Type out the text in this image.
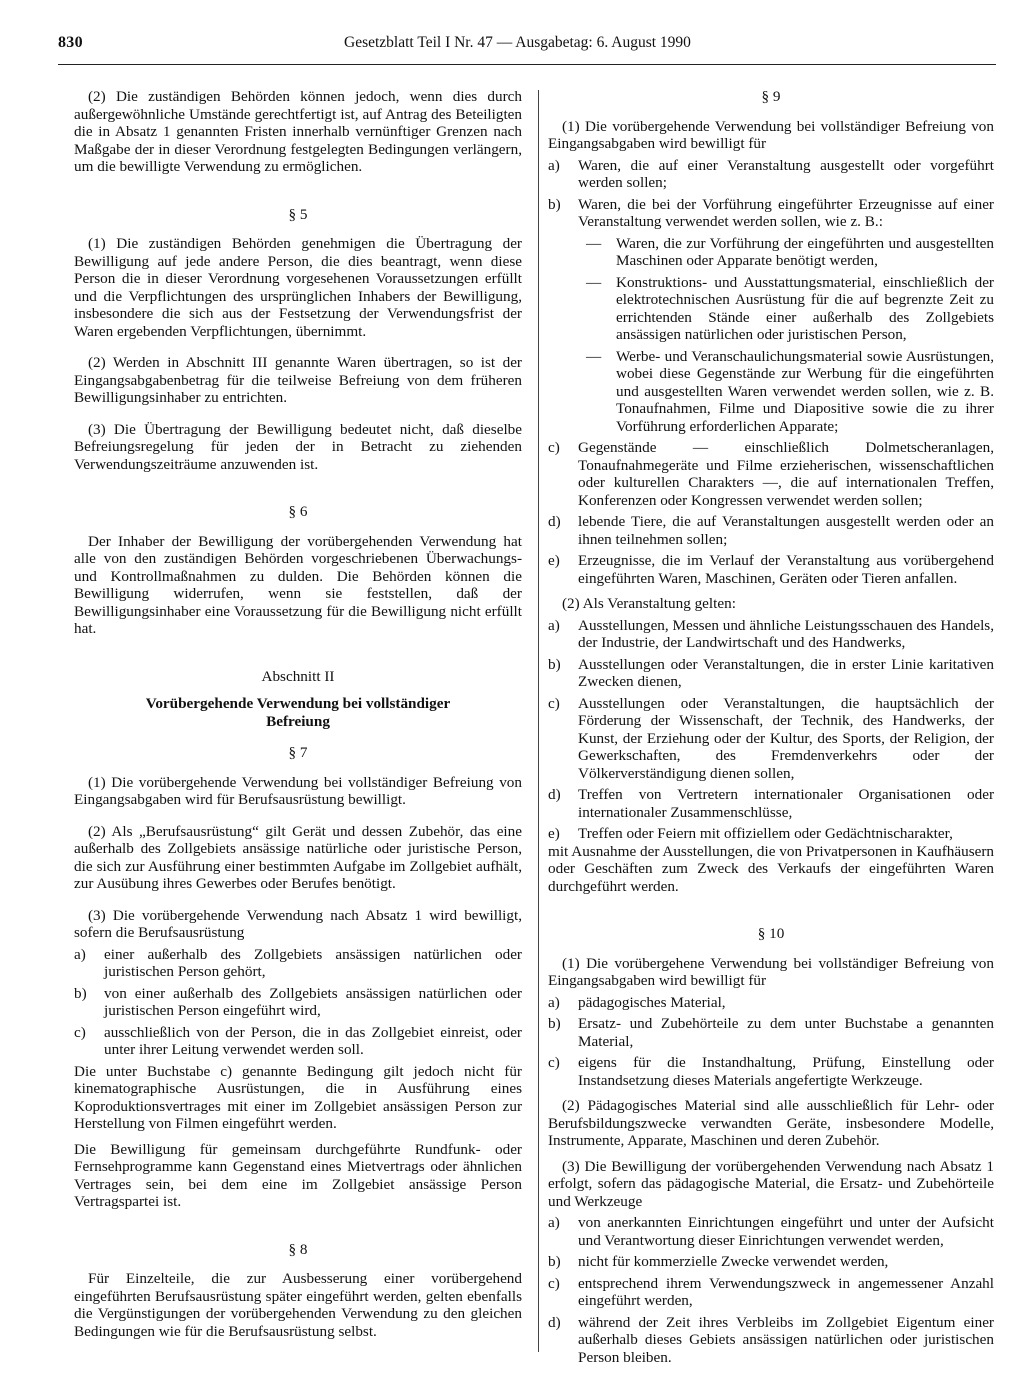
830	Gesetzblatt Teil I Nr. 47 — Ausgabetag: 6. August 1990

(2) Die zuständigen Behörden können jedoch, wenn dies durch außergewöhnliche Umstände gerechtfertigt ist, auf Antrag des Beteiligten die in Absatz 1 genannten Fristen innerhalb vernünftiger Grenzen nach Maßgabe der in dieser Verordnung festgelegten Bedingungen verlängern, um die bewilligte Verwendung zu ermöglichen.

§ 5

(1) Die zuständigen Behörden genehmigen die Übertragung der Bewilligung auf jede andere Person, die dies beantragt, wenn diese Person die in dieser Verordnung vorgesehenen Voraussetzungen erfüllt und die Verpflichtungen des ursprünglichen Inhabers der Bewilligung, insbesondere die sich aus der Festsetzung der Verwendungsfrist der Waren ergebenden Verpflichtungen, übernimmt.

(2) Werden in Abschnitt III genannte Waren übertragen, so ist der Eingangsabgabenbetrag für die teilweise Befreiung von dem früheren Bewilligungsinhaber zu entrichten.

(3) Die Übertragung der Bewilligung bedeutet nicht, daß dieselbe Befreiungsregelung für jeden der in Betracht zu ziehenden Verwendungszeiträume anzuwenden ist.

§ 6

Der Inhaber der Bewilligung der vorübergehenden Verwendung hat alle von den zuständigen Behörden vorgeschriebenen Überwachungs- und Kontrollmaßnahmen zu dulden. Die Behörden können die Bewilligung widerrufen, wenn sie feststellen, daß der Bewilligungsinhaber eine Voraussetzung für die Bewilligung nicht erfüllt hat.

Abschnitt II

Vorübergehende Verwendung bei vollständiger Befreiung

§ 7

(1) Die vorübergehende Verwendung bei vollständiger Befreiung von Eingangsabgaben wird für Berufsausrüstung bewilligt.

(2) Als „Berufsausrüstung“ gilt Gerät und dessen Zubehör, das eine außerhalb des Zollgebiets ansässige natürliche oder juristische Person, die sich zur Ausführung einer bestimmten Aufgabe im Zollgebiet aufhält, zur Ausübung ihres Gewerbes oder Berufes benötigt.

(3) Die vorübergehende Verwendung nach Absatz 1 wird bewilligt, sofern die Berufsausrüstung

a) einer außerhalb des Zollgebiets ansässigen natürlichen oder juristischen Person gehört,

b) von einer außerhalb des Zollgebiets ansässigen natürlichen oder juristischen Person eingeführt wird,

c) ausschließlich von der Person, die in das Zollgebiet einreist, oder unter ihrer Leitung verwendet werden soll.

Die unter Buchstabe c) genannte Bedingung gilt jedoch nicht für kinematographische Ausrüstungen, die in Ausführung eines Koproduktionsvertrages mit einer im Zollgebiet ansässigen Person zur Herstellung von Filmen eingeführt werden.

Die Bewilligung für gemeinsam durchgeführte Rundfunk- oder Fernsehprogramme kann Gegenstand eines Mietvertrags oder ähnlichen Vertrages sein, bei dem eine im Zollgebiet ansässige Person Vertragspartei ist.

§ 8

Für Einzelteile, die zur Ausbesserung einer vorübergehend eingeführten Berufsausrüstung später eingeführt werden, gelten ebenfalls die Vergünstigungen der vorübergehenden Verwendung zu den gleichen Bedingungen wie für die Berufsausrüstung selbst.

§ 9

(1) Die vorübergehende Verwendung bei vollständiger Befreiung von Eingangsabgaben wird bewilligt für

a) Waren, die auf einer Veranstaltung ausgestellt oder vorgeführt werden sollen;

b) Waren, die bei der Vorführung eingeführter Erzeugnisse auf einer Veranstaltung verwendet werden sollen, wie z. B.:

— Waren, die zur Vorführung der eingeführten und ausgestellten Maschinen oder Apparate benötigt werden,

— Konstruktions- und Ausstattungsmaterial, einschließlich der elektrotechnischen Ausrüstung für die auf begrenzte Zeit zu errichtenden Stände einer außerhalb des Zollgebiets ansässigen natürlichen oder juristischen Person,

— Werbe- und Veranschaulichungsmaterial sowie Ausrüstungen, wobei diese Gegenstände zur Werbung für die eingeführten und ausgestellten Waren verwendet werden sollen, wie z. B. Tonaufnahmen, Filme und Diapositive sowie die zu ihrer Vorführung erforderlichen Apparate;

c) Gegenstände — einschließlich Dolmetscheranlagen, Tonaufnahmegeräte und Filme erzieherischen, wissenschaftlichen oder kulturellen Charakters —, die auf internationalen Treffen, Konferenzen oder Kongressen verwendet werden sollen;

d) lebende Tiere, die auf Veranstaltungen ausgestellt werden oder an ihnen teilnehmen sollen;

e) Erzeugnisse, die im Verlauf der Veranstaltung aus vorübergehend eingeführten Waren, Maschinen, Geräten oder Tieren anfallen.

(2) Als Veranstaltung gelten:

a) Ausstellungen, Messen und ähnliche Leistungsschauen des Handels, der Industrie, der Landwirtschaft und des Handwerks,

b) Ausstellungen oder Veranstaltungen, die in erster Linie karitativen Zwecken dienen,

c) Ausstellungen oder Veranstaltungen, die hauptsächlich der Förderung der Wissenschaft, der Technik, des Handwerks, der Kunst, der Erziehung oder der Kultur, des Sports, der Religion, der Gewerkschaften, des Fremdenverkehrs oder der Völkerverständigung dienen sollen,

d) Treffen von Vertretern internationaler Organisationen oder internationaler Zusammenschlüsse,

e) Treffen oder Feiern mit offiziellem oder Gedächtnischarakter,

mit Ausnahme der Ausstellungen, die von Privatpersonen in Kaufhäusern oder Geschäften zum Zweck des Verkaufs der eingeführten Waren durchgeführt werden.

§ 10

(1) Die vorübergehene Verwendung bei vollständiger Befreiung von Eingangsabgaben wird bewilligt für

a) pädagogisches Material,

b) Ersatz- und Zubehörteile zu dem unter Buchstabe a genannten Material,

c) eigens für die Instandhaltung, Prüfung, Einstellung oder Instandsetzung dieses Materials angefertigte Werkzeuge.

(2) Pädagogisches Material sind alle ausschließlich für Lehr- oder Berufsbildungszwecke verwandten Geräte, insbesondere Modelle, Instrumente, Apparate, Maschinen und deren Zubehör.

(3) Die Bewilligung der vorübergehenden Verwendung nach Absatz 1 erfolgt, sofern das pädagogische Material, die Ersatz- und Zubehörteile und Werkzeuge

a) von anerkannten Einrichtungen eingeführt und unter der Aufsicht und Verantwortung dieser Einrichtungen verwendet werden,

b) nicht für kommerzielle Zwecke verwendet werden,

c) entsprechend ihrem Verwendungszweck in angemessener Anzahl eingeführt werden,

d) während der Zeit ihres Verbleibs im Zollgebiet Eigentum einer außerhalb dieses Gebiets ansässigen natürlichen oder juristischen Person bleiben.
